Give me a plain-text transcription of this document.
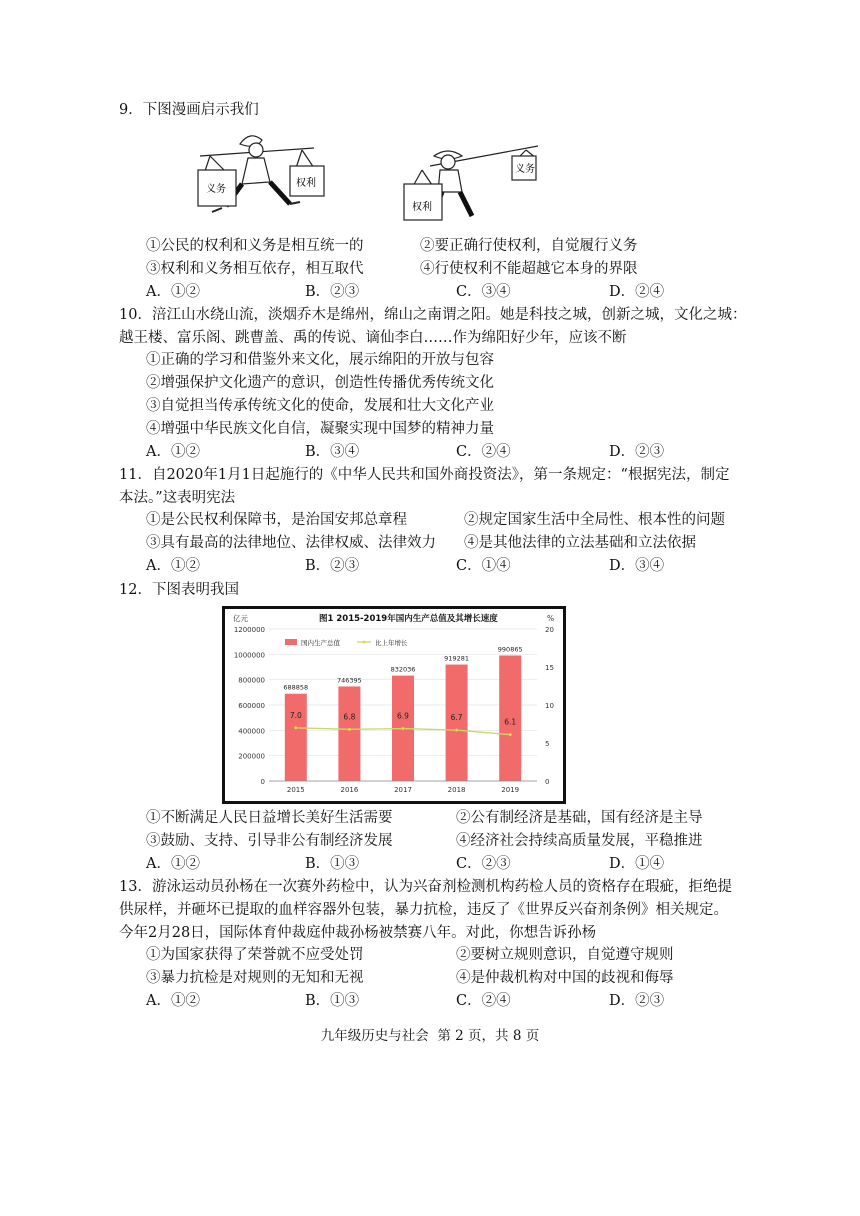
9．下图漫画启示我们
义务
权利
权利
义务
①公民的权利和义务是相互统一的	②要正确行使权利，自觉履行义务
③权利和义务相互依存，相互取代	④行使权利不能超越它本身的界限
A．①②	B．②③	C．③④	D．②④
10．涪江山水绕山流，淡烟乔木是绵州，绵山之南谓之阳。她是科技之城，创新之城，文化之城：
越王楼、富乐阁、跳曹盖、禹的传说、谪仙李白……作为绵阳好少年，应该不断
①正确的学习和借鉴外来文化，展示绵阳的开放与包容
②增强保护文化遗产的意识，创造性传播优秀传统文化
③自觉担当传承传统文化的使命，发展和壮大文化产业
④增强中华民族文化自信，凝聚实现中国梦的精神力量
A．①②	B．③④	C．②④	D．②③
11．自2020年1月1日起施行的《中华人民共和国外商投资法》，第一条规定：“根据宪法，制定
本法。”这表明宪法
①是公民权利保障书，是治国安邦总章程	②规定国家生活中全局性、根本性的问题
③具有最高的法律地位、法律权威、法律效力 ④是其他法律的立法基础和立法依据
A．①②	B．②③	C．①④	D．③④
12．下图表明我国
亿元	图1 2015-2019年国内生产总值及其增长速度	%
688858
746395
832036
919281
990865
7.0	6.8	6.9	6.7
6.1
0
200000
400000
600000
800000
1000000
1200000
0
5
10
15
20
2015	2016	2017	2018	2019
国内生产总值	比上年增长
①不断满足人民日益增长美好生活需要	②公有制经济是基础，国有经济是主导
③鼓励、支持、引导非公有制经济发展	④经济社会持续高质量发展，平稳推进
A．①②	B．①③	C．②③	D．①④
13．游泳运动员孙杨在一次赛外药检中，认为兴奋剂检测机构药检人员的资格存在瑕疵，拒绝提
供尿样，并砸坏已提取的血样容器外包装，暴力抗检，违反了《世界反兴奋剂条例》相关规定。
今年2月28日，国际体育仲裁庭仲裁孙杨被禁赛八年。对此，你想告诉孙杨
①为国家获得了荣誉就不应受处罚	②要树立规则意识，自觉遵守规则
③暴力抗检是对规则的无知和无视	④是仲裁机构对中国的歧视和侮辱
A．①②	B．①③	C．②④	D．②③
九年级历史与社会  第 2 页，共 8 页
